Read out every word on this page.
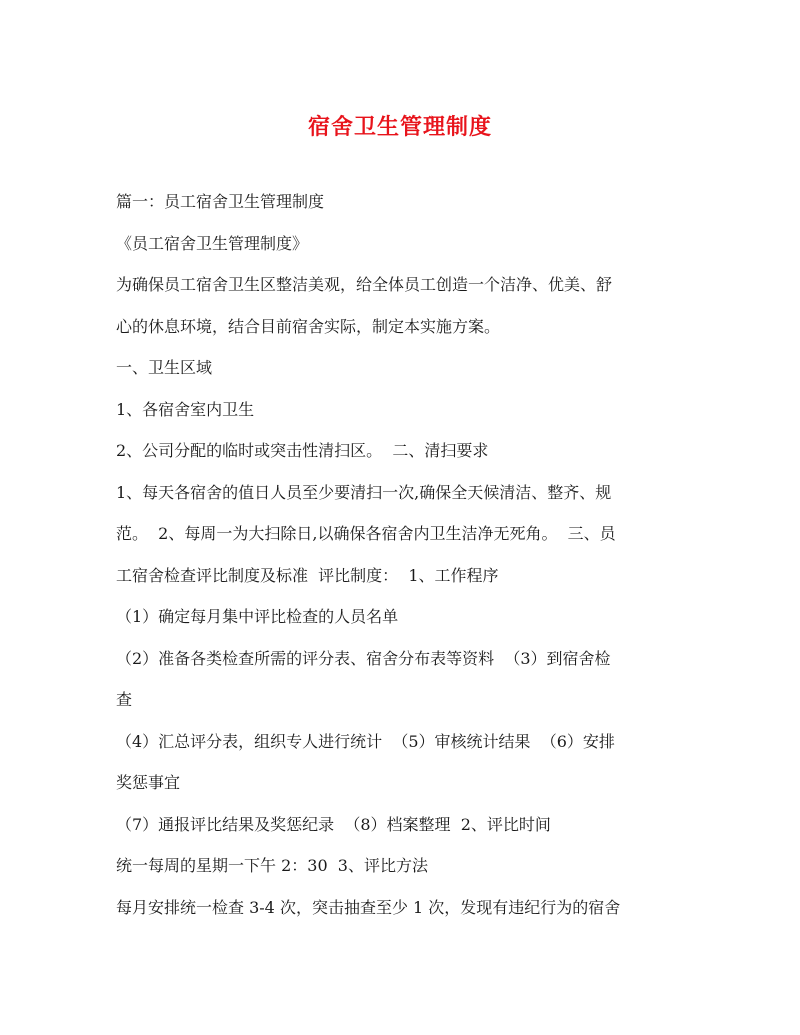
宿舍卫生管理制度
篇一：员工宿舍卫生管理制度
《员工宿舍卫生管理制度》
为确保员工宿舍卫生区整洁美观，给全体员工创造一个洁净、优美、舒
心的休息环境，结合目前宿舍实际，制定本实施方案。
一、卫生区域
1、各宿舍室内卫生
2、公司分配的临时或突击性清扫区。  二、清扫要求
1、每天各宿舍的值日人员至少要清扫一次,确保全天候清洁、整齐、规
范。  2、每周一为大扫除日,以确保各宿舍内卫生洁净无死角。  三、员
工宿舍检查评比制度及标准  评比制度：  1、工作程序
（1）确定每月集中评比检查的人员名单
（2）准备各类检查所需的评分表、宿舍分布表等资料  （3）到宿舍检
查
（4）汇总评分表，组织专人进行统计  （5）审核统计结果  （6）安排
奖惩事宜
（7）通报评比结果及奖惩纪录  （8）档案整理  2、评比时间
统一每周的星期一下午 2：30  3、评比方法
每月安排统一检查 3-4 次，突击抽查至少 1 次，发现有违纪行为的宿舍
